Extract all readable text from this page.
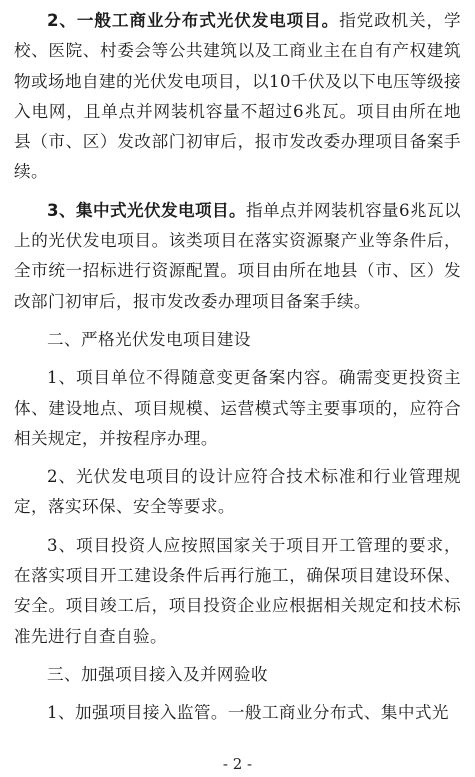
2、一般工商业分布式光伏发电项目。指党政机关，学校、医院、村委会等公共建筑以及工商业主在自有产权建筑物或场地自建的光伏发电项目，以10千伏及以下电压等级接入电网，且单点并网装机容量不超过6兆瓦。项目由所在地县（市、区）发改部门初审后，报市发改委办理项目备案手续。

3、集中式光伏发电项目。指单点并网装机容量6兆瓦以上的光伏发电项目。该类项目在落实资源聚产业等条件后，全市统一招标进行资源配置。项目由所在地县（市、区）发改部门初审后，报市发改委办理项目备案手续。

二、严格光伏发电项目建设

1、项目单位不得随意变更备案内容。确需变更投资主体、建设地点、项目规模、运营模式等主要事项的，应符合相关规定，并按程序办理。

2、光伏发电项目的设计应符合技术标准和行业管理规定，落实环保、安全等要求。

3、项目投资人应按照国家关于项目开工管理的要求，在落实项目开工建设条件后再行施工，确保项目建设环保、安全。项目竣工后，项目投资企业应根据相关规定和技术标准先进行自查自验。

三、加强项目接入及并网验收

1、加强项目接入监管。一般工商业分布式、集中式光

- 2 -
